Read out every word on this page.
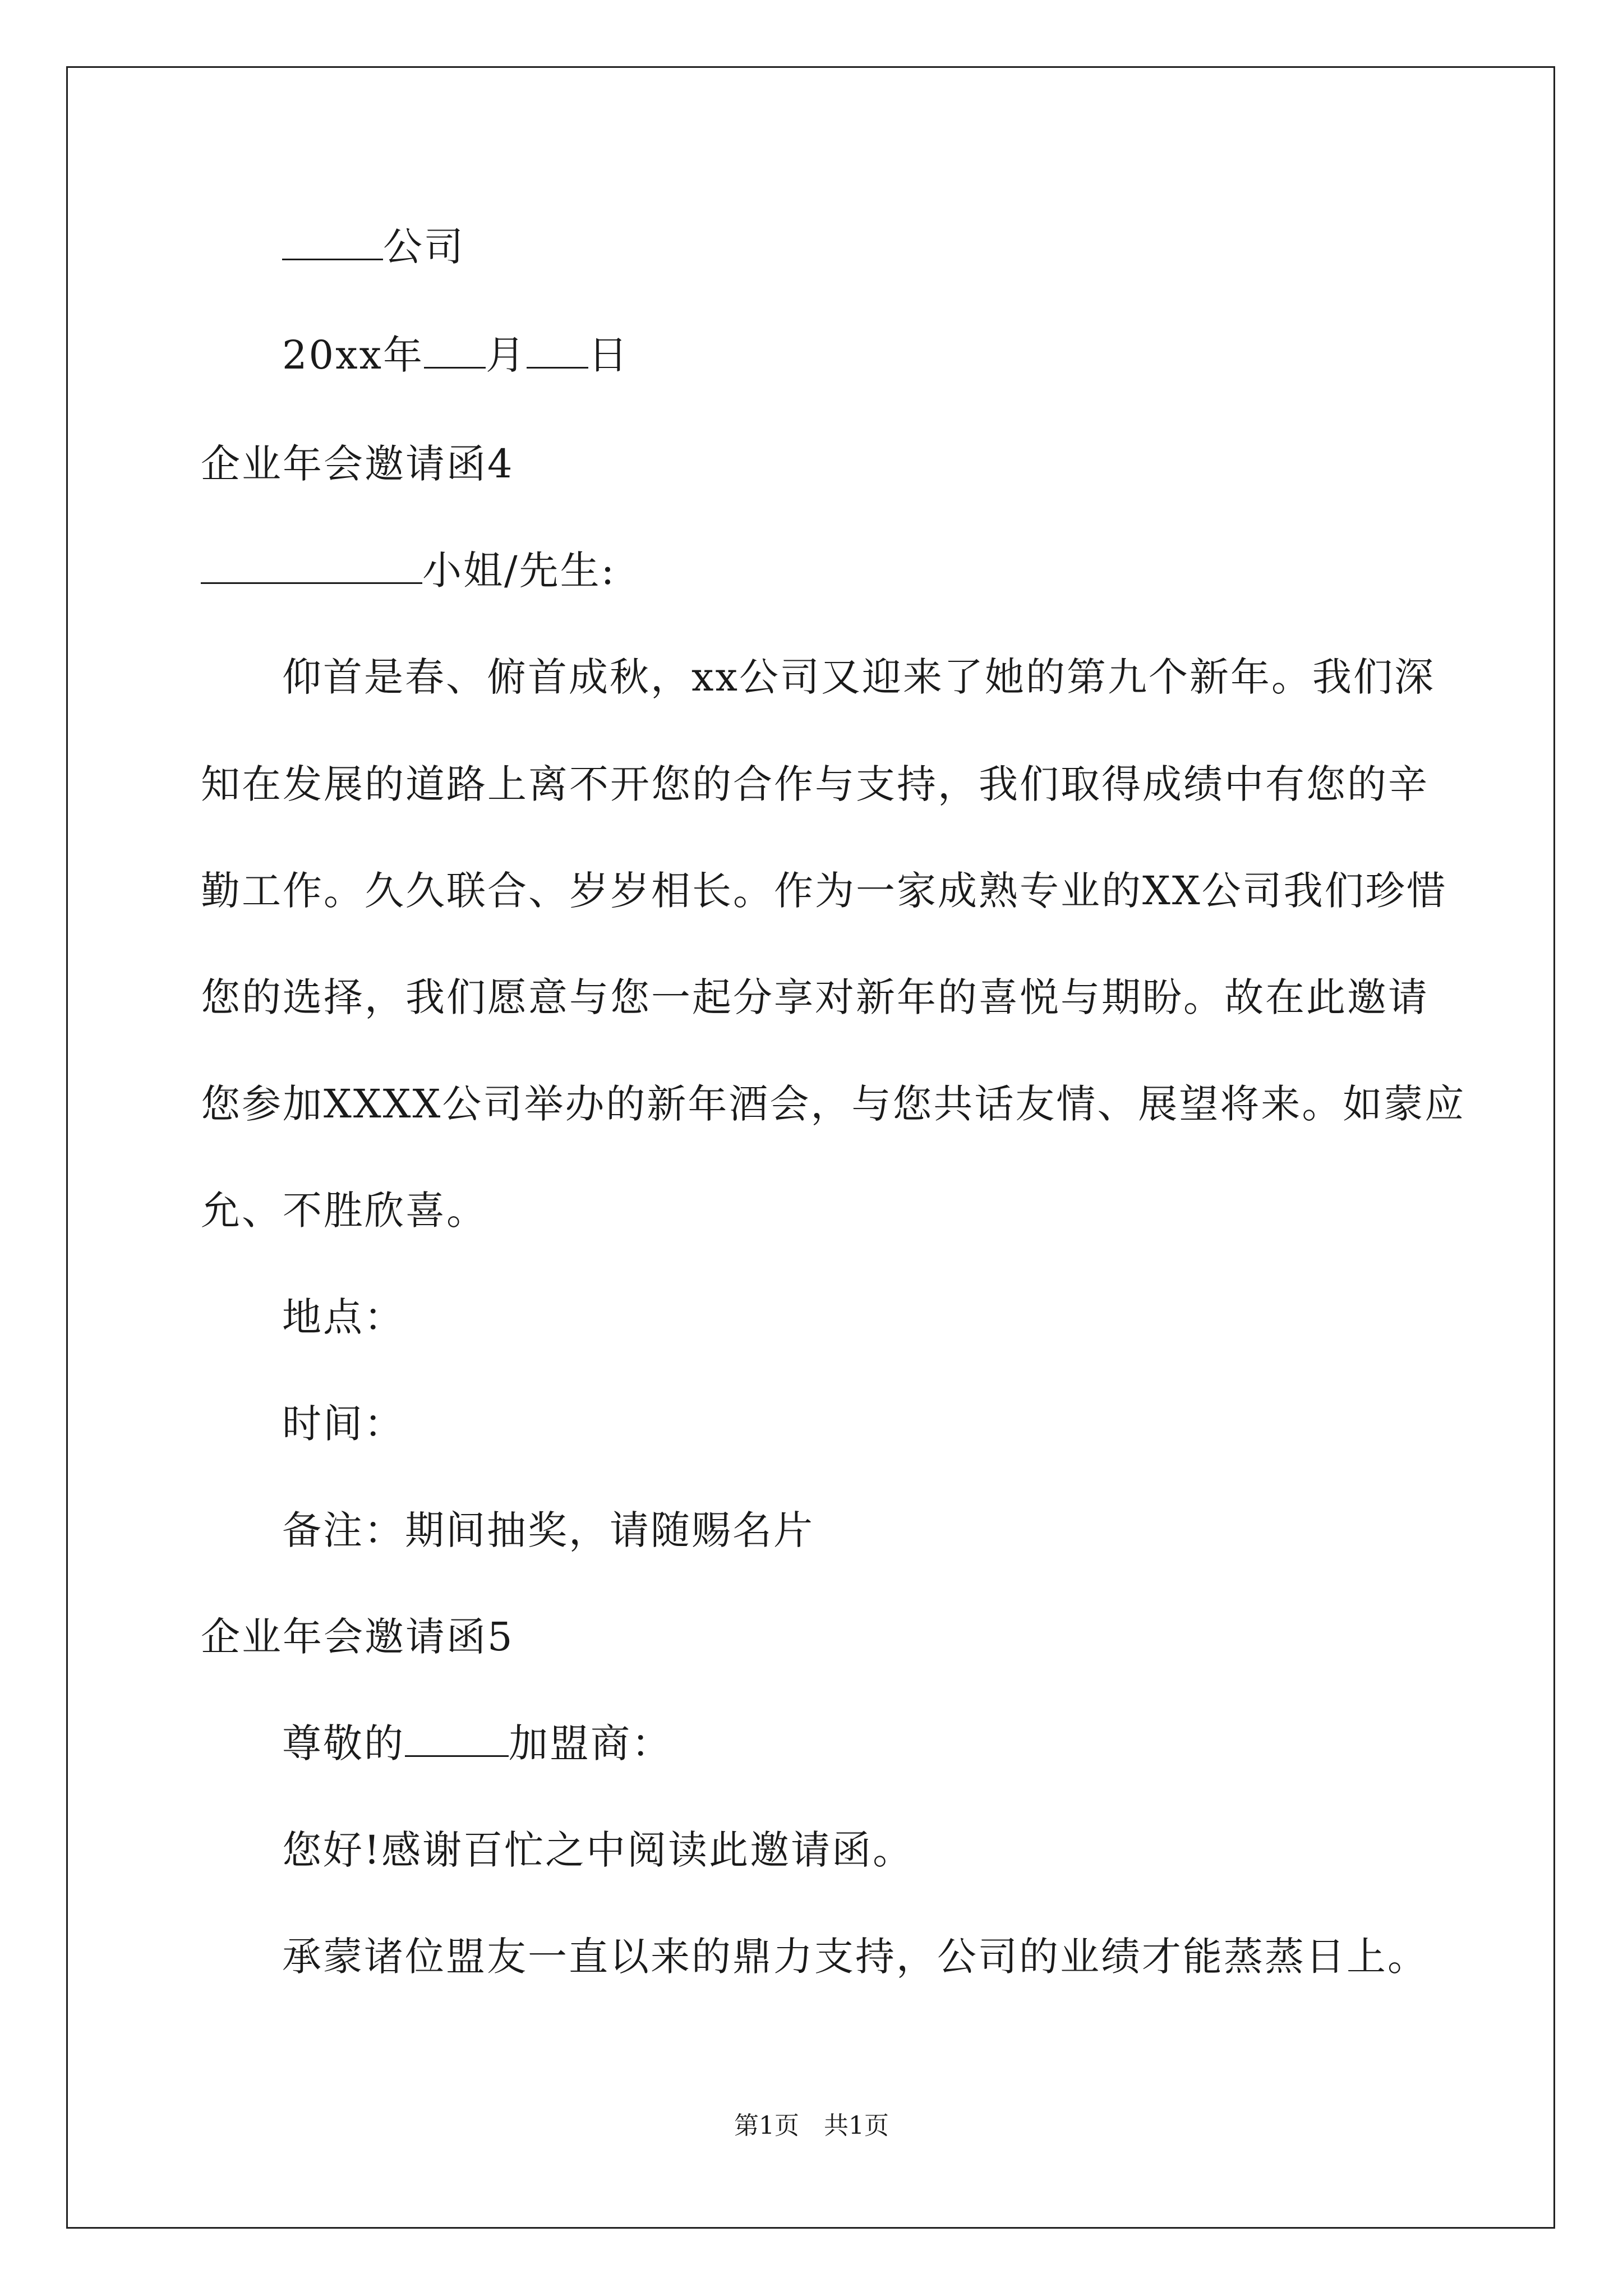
公司
20xx年 月 日
企业年会邀请函4
小姐/先生:
仰首是春、俯首成秋，xx公司又迎来了她的第九个新年。我们深
知在发展的道路上离不开您的合作与支持，我们取得成绩中有您的辛
勤工作。久久联合、岁岁相长。作为一家成熟专业的XX公司我们珍惜
您的选择，我们愿意与您一起分享对新年的喜悦与期盼。故在此邀请
您参加XXXX公司举办的新年酒会，与您共话友情、展望将来。如蒙应
允、不胜欣喜。
地点：
时间：
备注：期间抽奖，请随赐名片
企业年会邀请函5
尊敬的	加盟商：
您好!感谢百忙之中阅读此邀请函。
承蒙诸位盟友一直以来的鼎力支持，公司的业绩才能蒸蒸日上。
第1页　共1页
